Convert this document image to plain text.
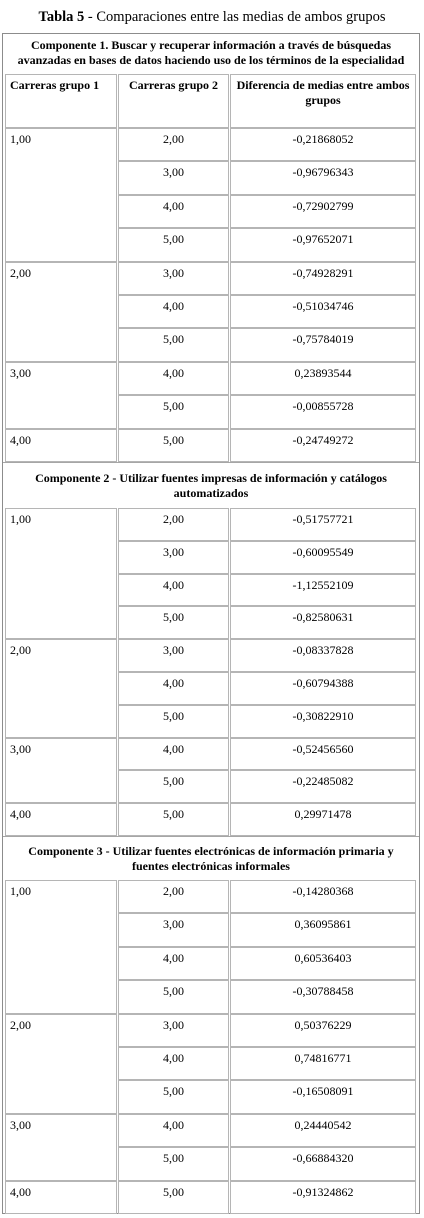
Tabla 5 - Comparaciones entre las medias de ambos grupos
Componente 1. Buscar y recuperar información a través de búsquedas avanzadas en bases de datos haciendo uso de los términos de la especialidad
Carreras grupo 1	Carreras grupo 2	Diferencia de medias entre ambos grupos
1,00	2,00	-0,21868052
3,00	-0,96796343
4,00	-0,72902799
5,00	-0,97652071
2,00	3,00	-0,74928291
4,00	-0,51034746
5,00	-0,75784019
3,00	4,00	0,23893544
5,00	-0,00855728
4,00	5,00	-0,24749272
Componente 2 - Utilizar fuentes impresas de información y catálogos automatizados
1,00	2,00	-0,51757721
3,00	-0,60095549
4,00	-1,12552109
5,00	-0,82580631
2,00	3,00	-0,08337828
4,00	-0,60794388
5,00	-0,30822910
3,00	4,00	-0,52456560
5,00	-0,22485082
4,00	5,00	0,29971478
Componente 3 - Utilizar fuentes electrónicas de información primaria y fuentes electrónicas informales
1,00	2,00	-0,14280368
3,00	0,36095861
4,00	0,60536403
5,00	-0,30788458
2,00	3,00	0,50376229
4,00	0,74816771
5,00	-0,16508091
3,00	4,00	0,24440542
5,00	-0,66884320
4,00	5,00	-0,91324862
